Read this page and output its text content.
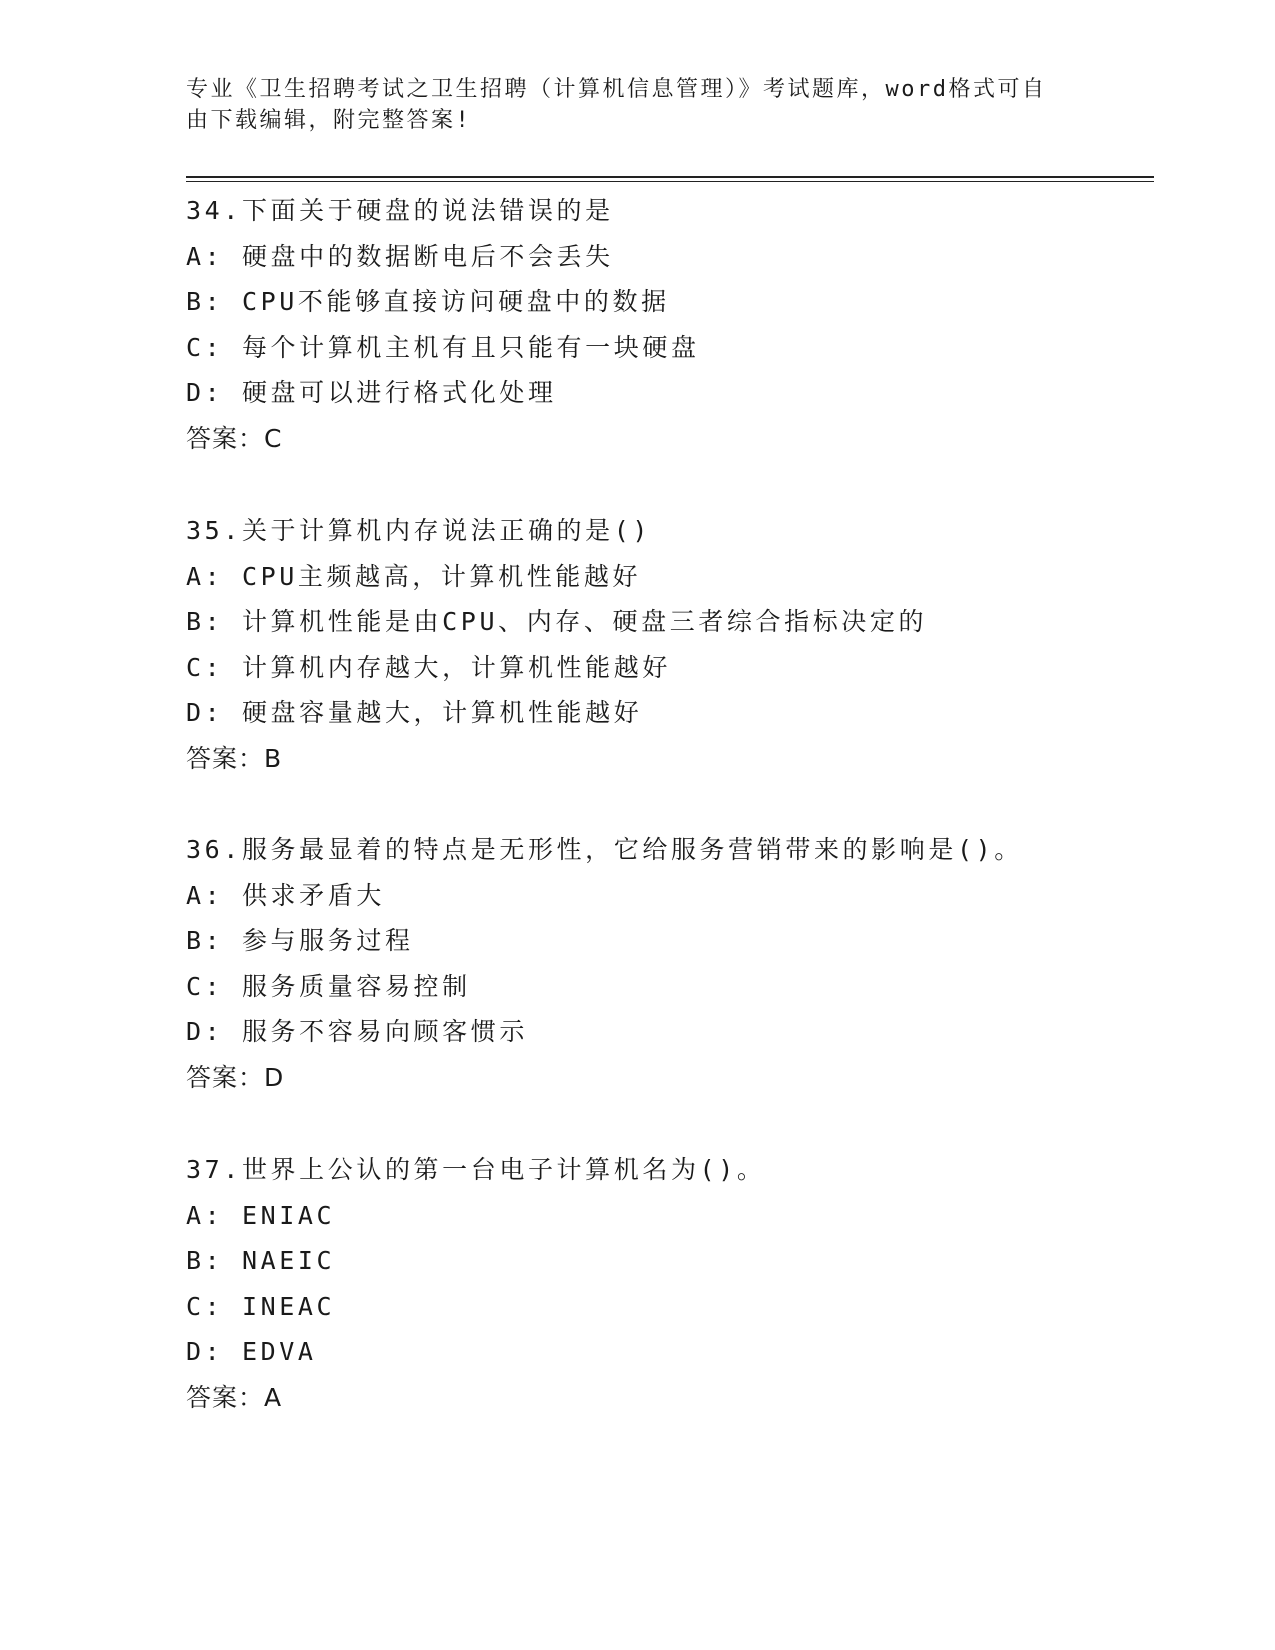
专业《卫生招聘考试之卫生招聘（计算机信息管理）》考试题库，word格式可自
由下载编辑，附完整答案!
34.下面关于硬盘的说法错误的是
A: 硬盘中的数据断电后不会丢失
B: CPU不能够直接访问硬盘中的数据
C: 每个计算机主机有且只能有一块硬盘
D: 硬盘可以进行格式化处理
答案：C
35.关于计算机内存说法正确的是()
A: CPU主频越高，计算机性能越好
B: 计算机性能是由CPU、内存、硬盘三者综合指标决定的
C: 计算机内存越大，计算机性能越好
D: 硬盘容量越大，计算机性能越好
答案：B
36.服务最显着的特点是无形性，它给服务营销带来的影响是()。
A: 供求矛盾大
B: 参与服务过程
C: 服务质量容易控制
D: 服务不容易向顾客惯示
答案：D
37.世界上公认的第一台电子计算机名为()。
A: ENIAC
B: NAEIC
C: INEAC
D: EDVA
答案：A
